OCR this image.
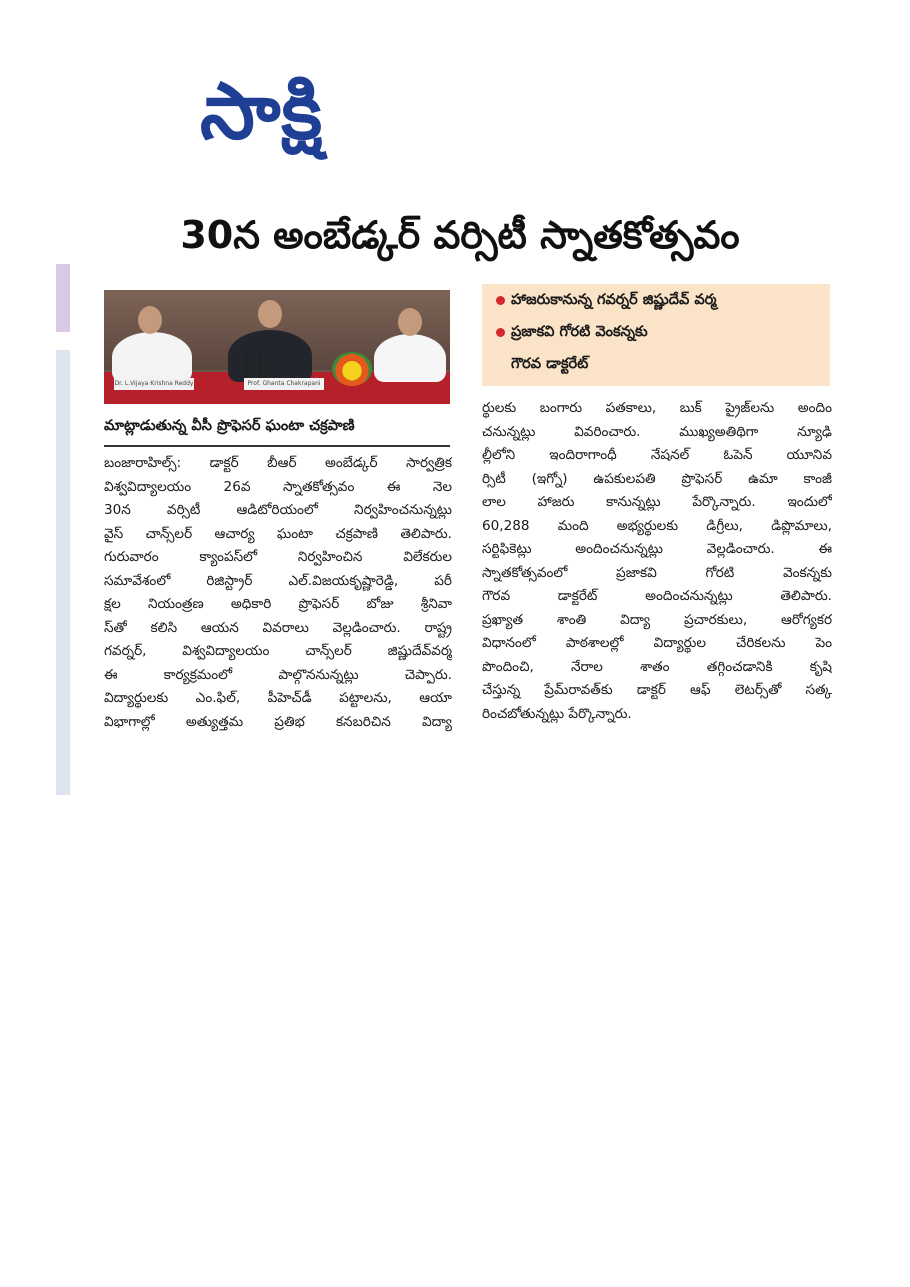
సాక్షి
30న అంబేడ్కర్ వర్సిటీ స్నాతకోత్సవం
Dr. L.Vijaya Krishna Reddy	Prof. Ghanta Chakrapani
మాట్లాడుతున్న వీసీ ప్రొఫెసర్ ఘంటా చక్రపాణి
హాజరుకానున్న గవర్నర్ జిష్ణుదేవ్ వర్మ
ప్రజాకవి గోరటి వెంకన్నకు
గౌరవ డాక్టరేట్
బంజారాహిల్స్: డాక్టర్ బీఆర్ అంబేడ్కర్ సార్వత్రిక
విశ్వవిద్యాలయం 26వ స్నాతకోత్సవం ఈ నెల
30న వర్సిటీ ఆడిటోరియంలో నిర్వహించనున్నట్లు
వైస్ చాన్స్‌లర్ ఆచార్య ఘంటా చక్రపాణి తెలిపారు.
గురువారం క్యాంపస్‌లో నిర్వహించిన విలేకరుల
సమావేశంలో రిజిస్ట్రార్ ఎల్.విజయకృష్ణారెడ్డి, పరీ
క్షల నియంత్రణ అధికారి ప్రొఫెసర్ బోజు శ్రీనివా
స్‌తో కలిసి ఆయన వివరాలు వెల్లడించారు. రాష్ట్ర
గవర్నర్, విశ్వవిద్యాలయం చాన్స్‌లర్ జిష్ణుదేవ్‌వర్మ
ఈ కార్యక్రమంలో పాల్గొననున్నట్లు చెప్పారు.
విద్యార్థులకు ఎం.ఫిల్, పీహెచ్‌డీ పట్టాలను, ఆయా
విభాగాల్లో అత్యుత్తమ ప్రతిభ కనబరిచిన విద్యా
ర్థులకు బంగారు పతకాలు, బుక్ ప్రైజ్‌లను అందిం
చనున్నట్లు వివరించారు. ముఖ్యఅతిథిగా న్యూఢి
ల్లీలోని ఇందిరాగాంధీ నేషనల్ ఓపెన్ యూనివ
ర్సిటీ (ఇగ్నో) ఉపకులపతి ప్రొఫెసర్ ఉమా కాంజీ
లాల హాజరు కానున్నట్లు పేర్కొన్నారు. ఇందులో
60,288 మంది అభ్యర్థులకు డిగ్రీలు, డిప్లొమాలు,
సర్టిఫికెట్లు అందించనున్నట్లు వెల్లడించారు. ఈ
స్నాతకోత్సవంలో ప్రజాకవి గోరటి వెంకన్నకు
గౌరవ డాక్టరేట్ అందించనున్నట్లు తెలిపారు.
ప్రఖ్యాత శాంతి విద్యా ప్రచారకులు, ఆరోగ్యకర
విధానంలో పాఠశాలల్లో విద్యార్థుల చేరికలను పెం
పొందించి, నేరాల శాతం తగ్గించడానికి కృషి
చేస్తున్న ప్రేమ్‌రావత్‌కు డాక్టర్ ఆఫ్ లెటర్స్‌తో సత్క
రించబోతున్నట్లు పేర్కొన్నారు.
